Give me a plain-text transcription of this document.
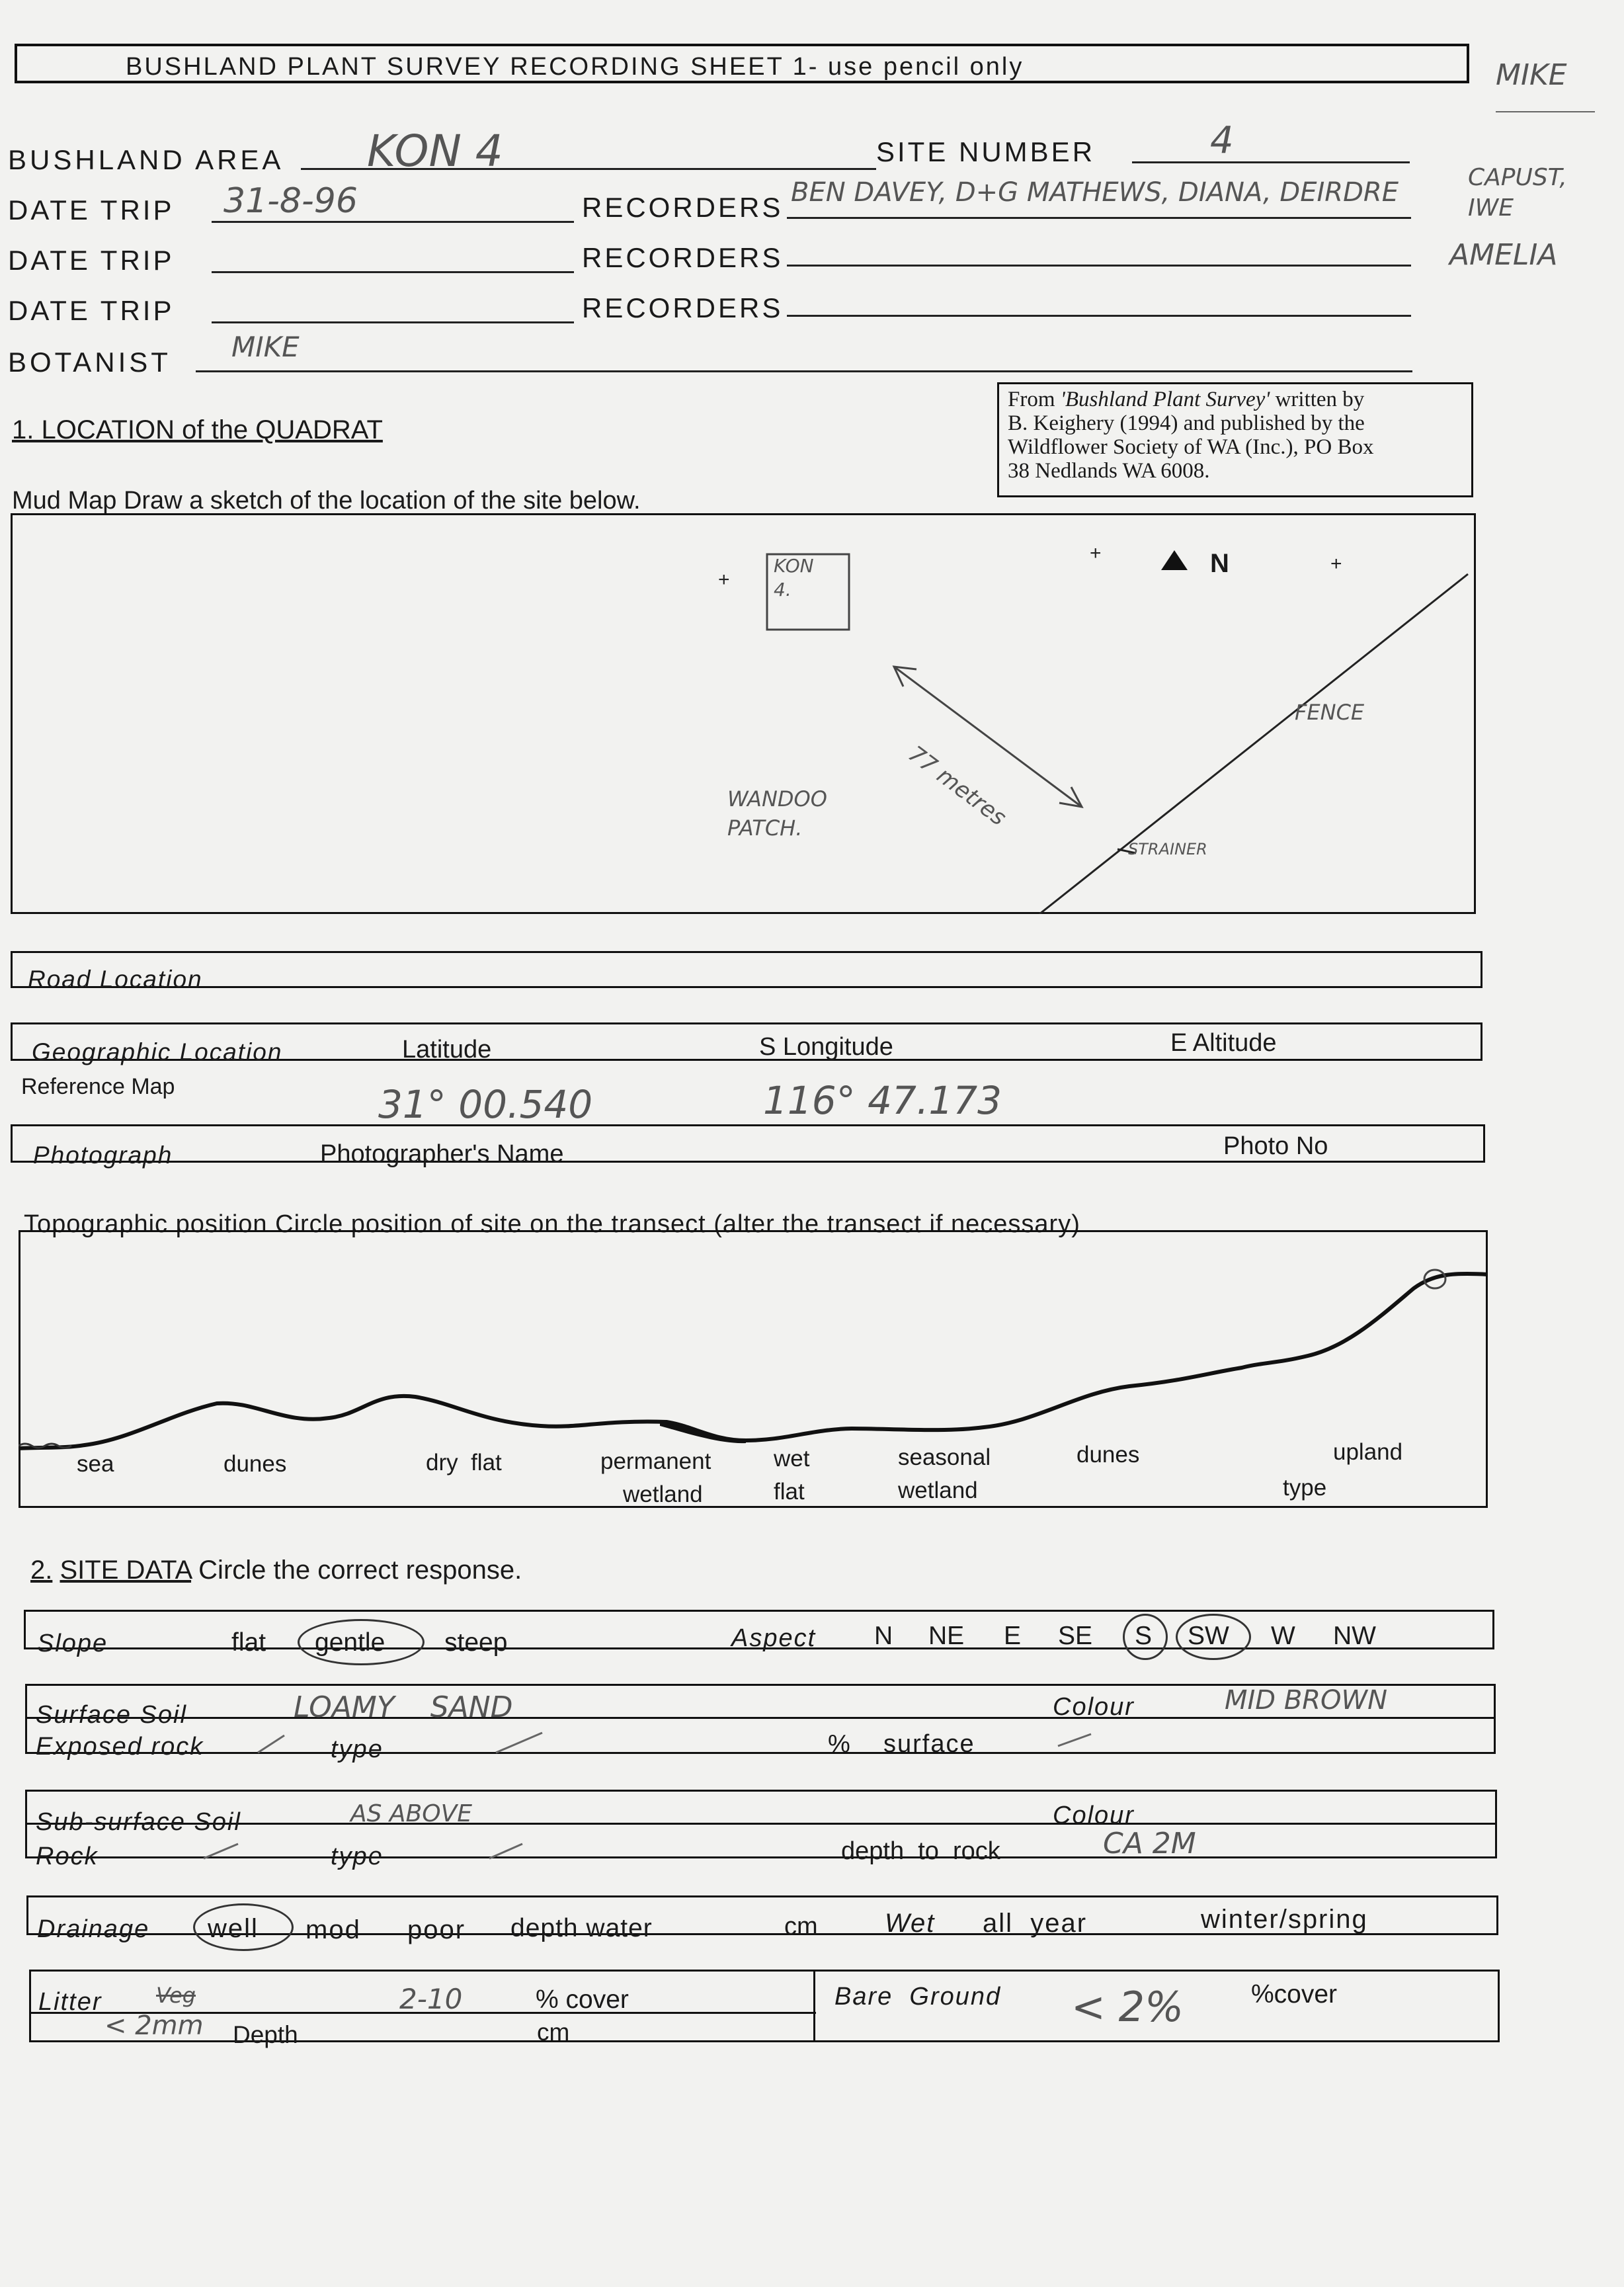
BUSHLAND PLANT SURVEY RECORDING SHEET 1- use pencil only	MIKE
BUSHLAND AREA KON 4	SITE NUMBER	4
DATE TRIP 31-8-96	RECORDERS BEN DAVEY, D+G MATHEWS, DIANA, DEIRDRE	CAPUST, IWE
DATE TRIP	RECORDERS	AMELIA
DATE TRIP	RECORDERS
BOTANIST MIKE
From 'Bushland Plant Survey' written by
B. Keighery (1994) and published by the
Wildflower Society of WA (Inc.), PO Box
38 Nedlands WA 6008.
1. LOCATION of the QUADRAT
Mud Map Draw a sketch of the location of the site below.
+
+	+
KON 4.
N
77 metres
FENCE
WANDOO PATCH.
STRAINER
Road Location
Geographic Location	Latitude	S Longitude	E Altitude
Reference Map	31° 00.540	116° 47.173
Photograph	Photographer's Name	Photo No
Topographic position Circle position of site on the transect (alter the transect if necessary)
sea	dunes	dry  flat	permanent
wetland
wet
flat
seasonal
wetland
dunes	upland
type
2. SITE DATA Circle the correct response.
Slope	flat gentle steep	Aspect N NE E SE S SW W NW
Surface Soil	LOAMY SAND	Colour	MID BROWN
Exposed rock	type	% surface
Sub-surface Soil	AS ABOVE	Colour
Rock	type	depth  to  rock	CA 2M
Drainage well mod poor depth water	cm	Wet all  year	winter/spring
Litter	Veg	2-10	% cover
< 2mm Depth	cm
Bare  Ground < 2%	%cover
